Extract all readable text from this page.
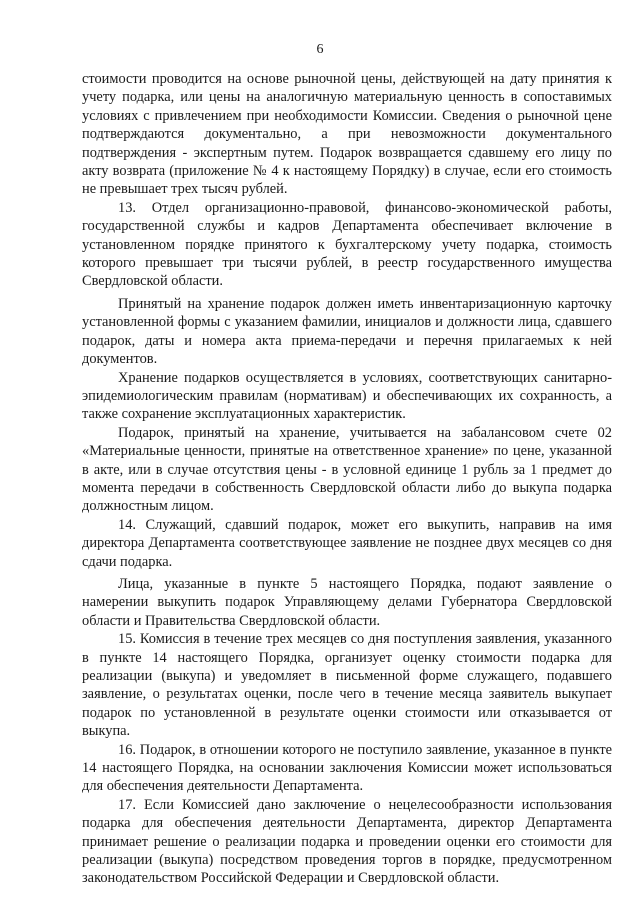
6

стоимости проводится на основе рыночной цены, действующей на дату принятия к учету подарка, или цены на аналогичную материальную ценность в сопоставимых условиях с привлечением при необходимости Комиссии. Сведения о рыночной цене подтверждаются документально, а при невозможности документального подтверждения - экспертным путем. Подарок возвращается сдавшему его лицу по акту возврата (приложение № 4 к настоящему Порядку) в случае, если его стоимость не превышает трех тысяч рублей.

13. Отдел организационно-правовой, финансово-экономической работы, государственной службы и кадров Департамента обеспечивает включение в установленном порядке принятого к бухгалтерскому учету подарка, стоимость которого превышает три тысячи рублей, в реестр государственного имущества Свердловской области.

Принятый на хранение подарок должен иметь инвентаризационную карточку установленной формы с указанием фамилии, инициалов и должности лица, сдавшего подарок, даты и номера акта приема-передачи и перечня прилагаемых к ней документов.

Хранение подарков осуществляется в условиях, соответствующих санитарно-эпидемиологическим правилам (нормативам) и обеспечивающих их сохранность, а также сохранение эксплуатационных характеристик.

Подарок, принятый на хранение, учитывается на забалансовом счете 02 «Материальные ценности, принятые на ответственное хранение» по цене, указанной в акте, или в случае отсутствия цены - в условной единице 1 рубль за 1 предмет до момента передачи в собственность Свердловской области либо до выкупа подарка должностным лицом.

14. Служащий, сдавший подарок, может его выкупить, направив на имя директора Департамента соответствующее заявление не позднее двух месяцев со дня сдачи подарка.

Лица, указанные в пункте 5 настоящего Порядка, подают заявление о намерении выкупить подарок Управляющему делами Губернатора Свердловской области и Правительства Свердловской области.

15. Комиссия в течение трех месяцев со дня поступления заявления, указанного в пункте 14 настоящего Порядка, организует оценку стоимости подарка для реализации (выкупа) и уведомляет в письменной форме служащего, подавшего заявление, о результатах оценки, после чего в течение месяца заявитель выкупает подарок по установленной в результате оценки стоимости или отказывается от выкупа.

16. Подарок, в отношении которого не поступило заявление, указанное в пункте 14 настоящего Порядка, на основании заключения Комиссии может использоваться для обеспечения деятельности Департамента.

17. Если Комиссией дано заключение о нецелесообразности использования подарка для обеспечения деятельности Департамента, директор Департамента принимает решение о реализации подарка и проведении оценки его стоимости для реализации (выкупа) посредством проведения торгов в порядке, предусмотренном законодательством Российской Федерации и Свердловской области.
